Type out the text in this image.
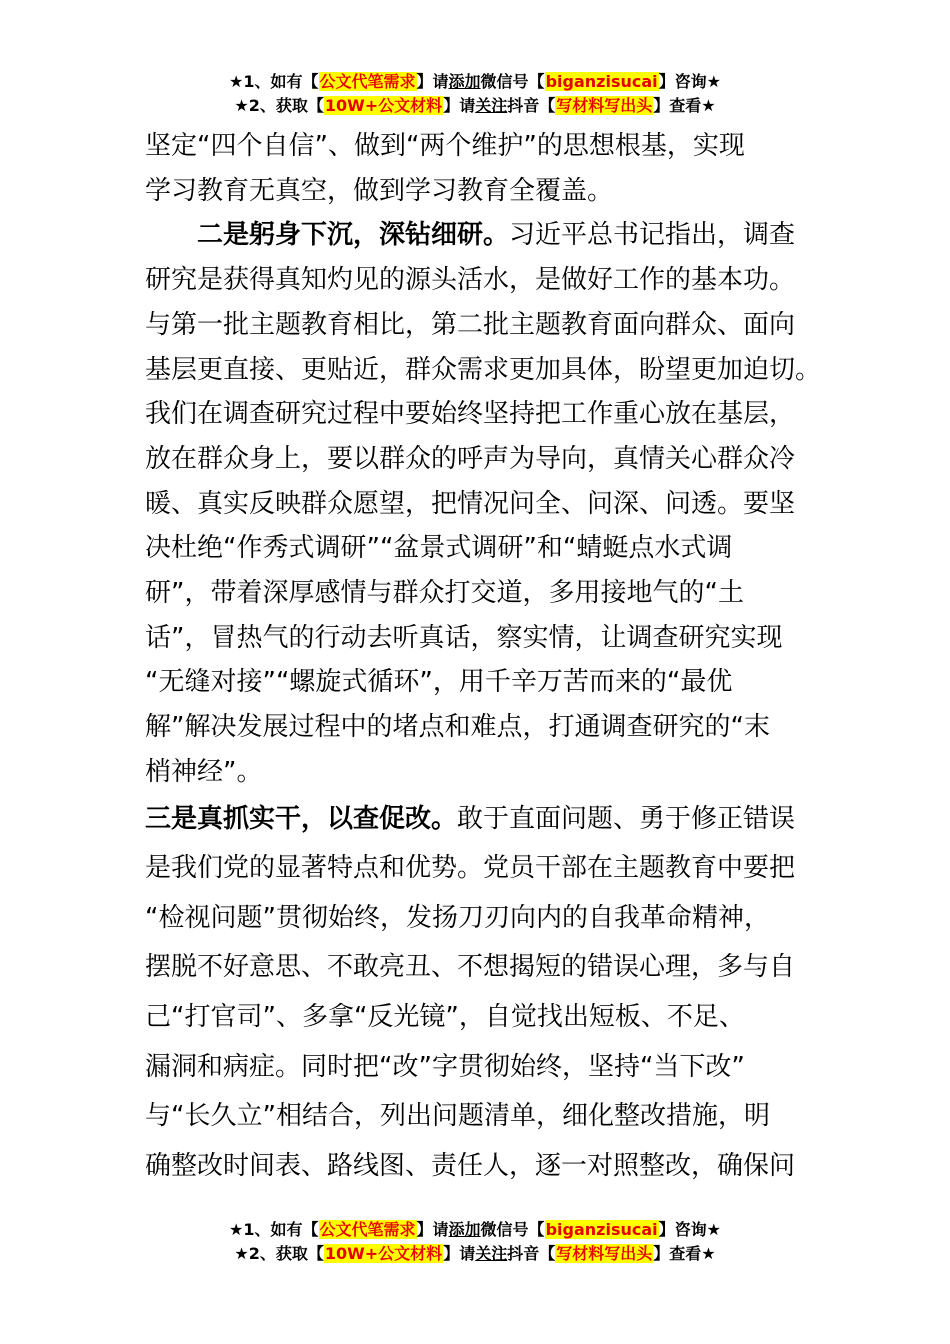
★1、如有【公文代笔需求】请添加微信号【biganzisucai】咨询★
★2、获取【10W+公文材料】请关注抖音【写材料写出头】查看★
坚定“四个自信”、做到“两个维护”的思想根基，实现
学习教育无真空，做到学习教育全覆盖。
二是躬身下沉，深钻细研。习近平总书记指出，调查
研究是获得真知灼见的源头活水，是做好工作的基本功。
与第一批主题教育相比，第二批主题教育面向群众、面向
基层更直接、更贴近，群众需求更加具体，盼望更加迫切。
我们在调查研究过程中要始终坚持把工作重心放在基层，
放在群众身上，要以群众的呼声为导向，真情关心群众冷
暖、真实反映群众愿望，把情况问全、问深、问透。要坚
决杜绝“作秀式调研”“盆景式调研”和“蜻蜓点水式调
研”，带着深厚感情与群众打交道，多用接地气的“土
话”，冒热气的行动去听真话，察实情，让调查研究实现
“无缝对接”“螺旋式循环”，用千辛万苦而来的“最优
解”解决发展过程中的堵点和难点，打通调查研究的“末
梢神经”。
三是真抓实干，以查促改。敢于直面问题、勇于修正错误
是我们党的显著特点和优势。党员干部在主题教育中要把
“检视问题”贯彻始终，发扬刀刃向内的自我革命精神，
摆脱不好意思、不敢亮丑、不想揭短的错误心理，多与自
己“打官司”、多拿“反光镜”，自觉找出短板、不足、
漏洞和病症。同时把“改”字贯彻始终，坚持“当下改”
与“长久立”相结合，列出问题清单，细化整改措施，明
确整改时间表、路线图、责任人，逐一对照整改，确保问
★1、如有【公文代笔需求】请添加微信号【biganzisucai】咨询★
★2、获取【10W+公文材料】请关注抖音【写材料写出头】查看★
